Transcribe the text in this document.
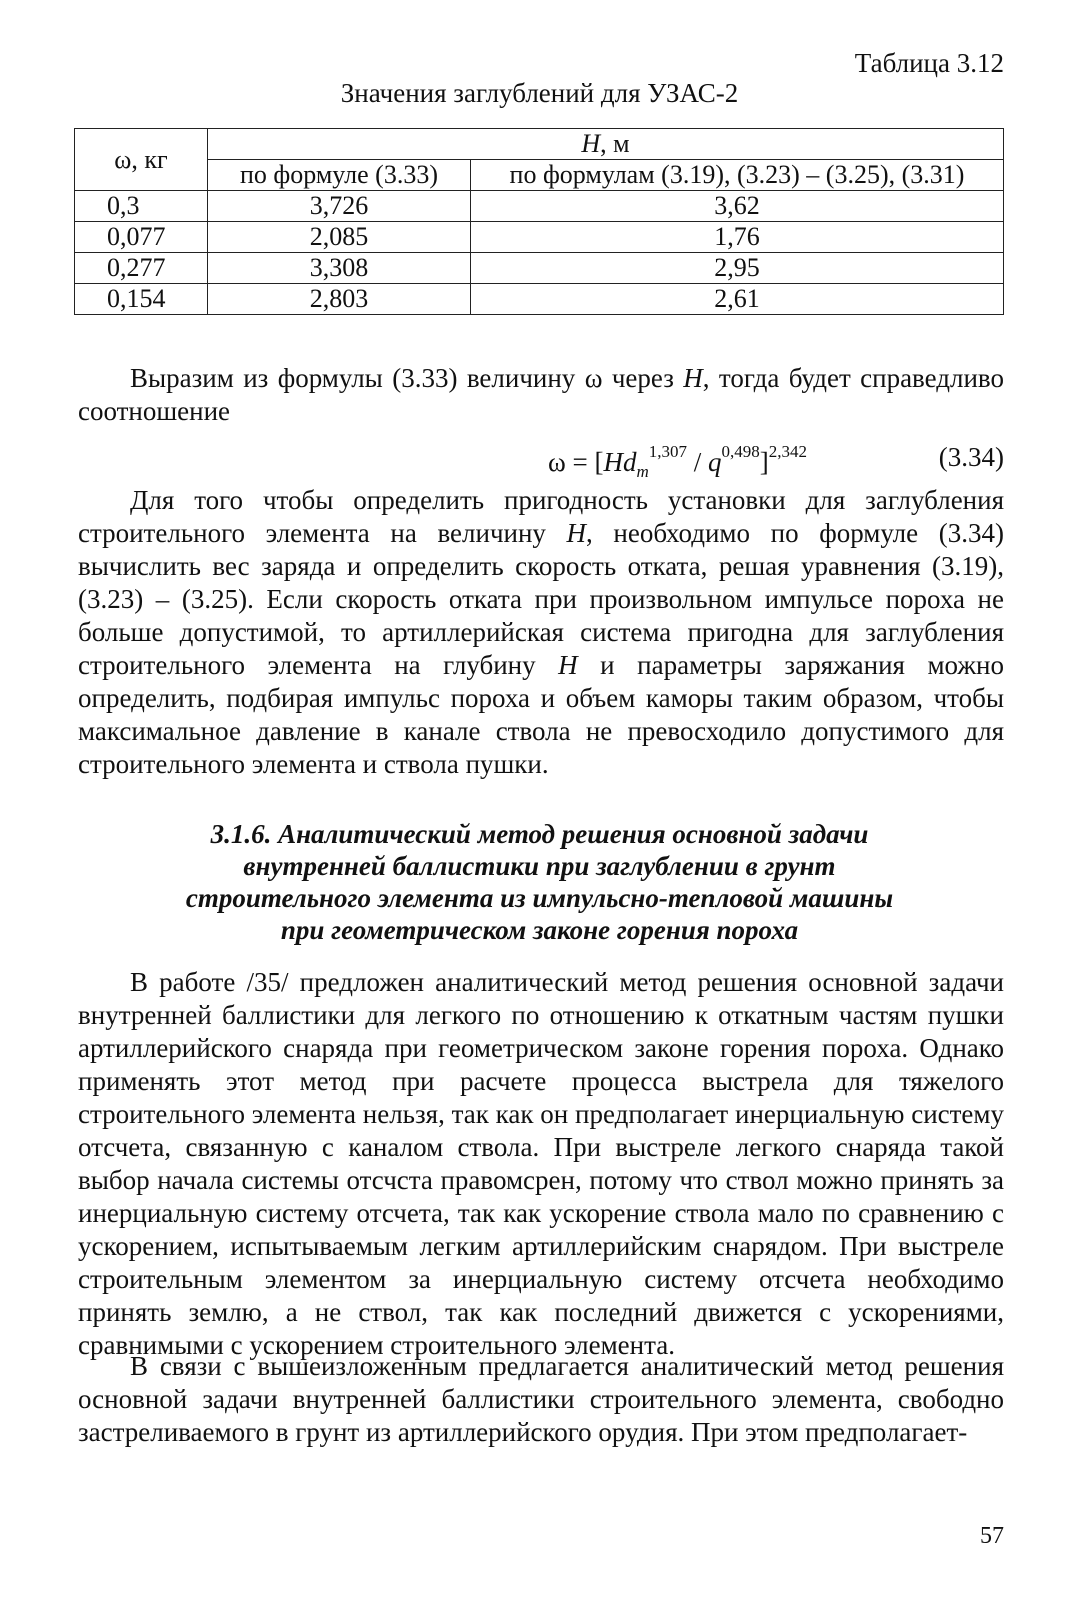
Таблица 3.12
Значения заглублений для УЗАС-2
ω, кг	H, м	
	по формуле (3.33)	по формулам (3.19), (3.23) – (3.25), (3.31)
0,3	3,726	3,62
0,077	2,085	1,76
0,277	3,308	2,95
0,154	2,803	2,61
Выразим из формулы (3.33) величину ω через H, тогда будет справедливо соотношение
$\omega = [Hd_m^{1,307} / q^{0,498}]^{2,342}$	(3.34)
Для того чтобы определить пригодность установки для заглубления строительного элемента на величину H, необходимо по формуле (3.34) вычислить вес заряда и определить скорость отката, решая уравнения (3.19), (3.23) – (3.25). Если скорость отката при произвольном импульсе пороха не больше допустимой, то артиллерийская система пригодна для заглубления строительного элемента на глубину H и параметры заряжания можно определить, подбирая импульс пороха и объем каморы таким образом, чтобы максимальное давление в канале ствола не превосходило допустимого для строительного элемента и ствола пушки.
3.1.6. Аналитический метод решения основной задачи
внутренней баллистики при заглублении в грунт
строительного элемента из импульсно-тепловой машины
при геометрическом законе горения пороха
В работе /35/ предложен аналитический метод решения основной задачи внутренней баллистики для легкого по отношению к откатным частям пушки артиллерийского снаряда при геометрическом законе горения пороха. Однако применять этот метод при расчете процесса выстрела для тяжелого строительного элемента нельзя, так как он предполагает инерциальную систему отсчета, связанную с каналом ствола. При выстреле легкого снаряда такой выбор начала системы отсчста правомсрен, потому что ствол можно принять за инерциальную систему отсчета, так как ускорение ствола мало по сравнению с ускорением, испытываемым легким артиллерийским снарядом. При выстреле строительным элементом за инерциальную систему отсчета необходимо принять землю, а не ствол, так как последний движется с ускорениями, сравнимыми с ускорением строительного элемента.
В связи с вышеизложенным предлагается аналитический метод решения основной задачи внутренней баллистики строительного элемента, свободно застреливаемого в грунт из артиллерийского орудия. При этом предполагает-
57
